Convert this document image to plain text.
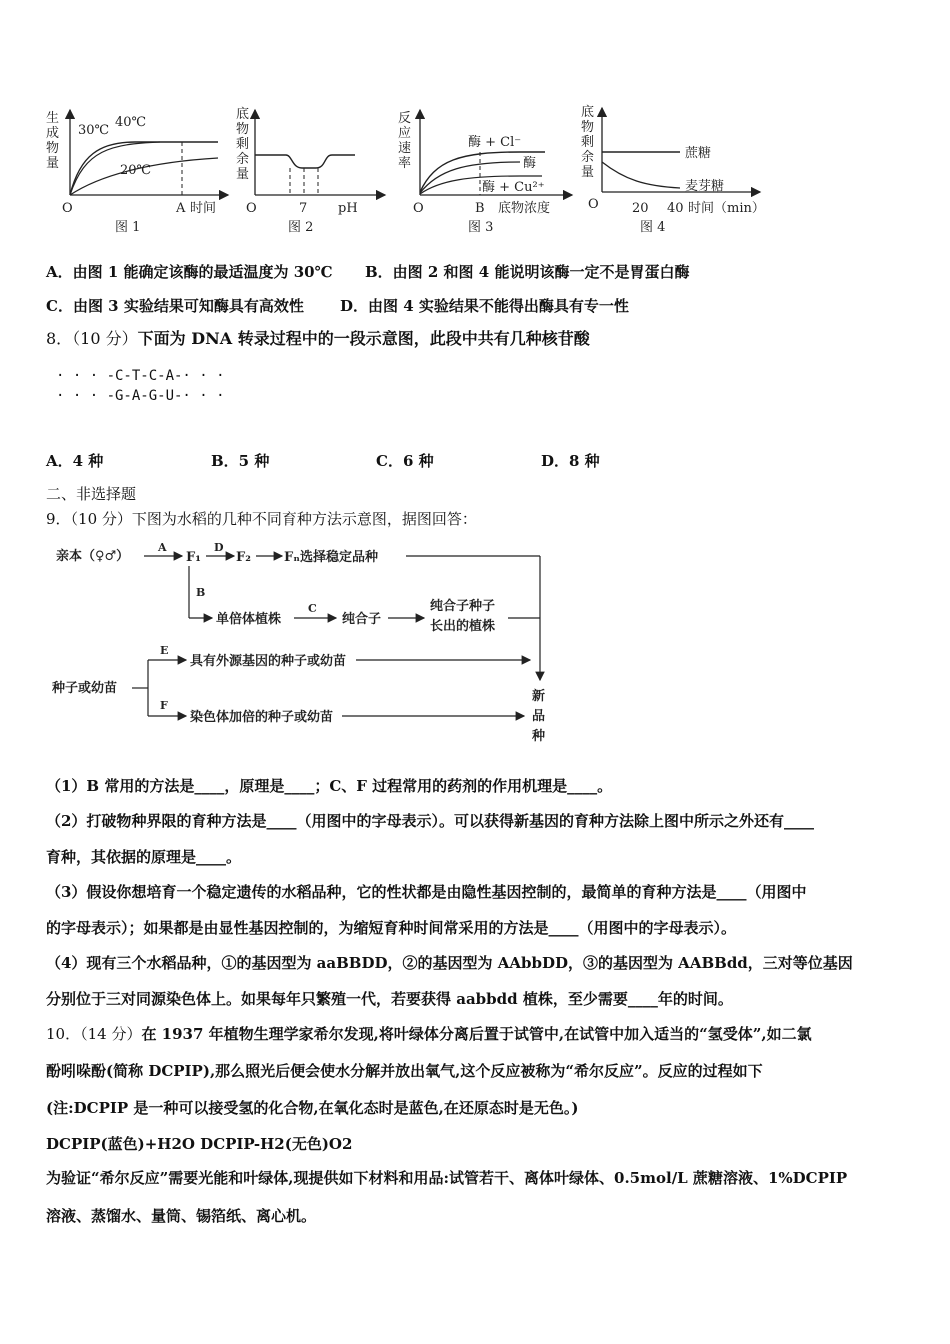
生
成
物
量
40℃
30℃
20℃
O	A 时间
图 1
底
物
剩
余
量
O	7 pH
图 2
反
应
速
率
酶 + Cl⁻
酶
酶 + Cu²⁺
O	B 底物浓度
图 3
底
物
剩
余
量
蔗糖
麦芽糖
O	20 40 时间（min）
图 4
A．由图 1 能确定该酶的最适温度为 30℃ B．由图 2 和图 4 能说明该酶一定不是胃蛋白酶
C．由图 3 实验结果可知酶具有高效性 D．由图 4 实验结果不能得出酶具有专一性
8．（10 分）下面为 DNA 转录过程中的一段示意图，此段中共有几种核苷酸
· · · -C-T-C-A-· · ·
· · · -G-A-G-U-· · ·
A．4 种	B．5 种	C．6 种	D．8 种
二、非选择题
9．（10 分）下图为水稻的几种不同育种方法示意图，据图回答：
亲本（♀♂）
A
F₁
D
F₂	Fₙ选择稳定品种
B
单倍体植株
C
纯合子
纯合子种子
长出的植株
种子或幼苗
E
具有外源基因的种子或幼苗
F
染色体加倍的种子或幼苗
新
品
种
（1）B 常用的方法是____，原理是____；C、F 过程常用的药剂的作用机理是____。
（2）打破物种界限的育种方法是____（用图中的字母表示）。可以获得新基因的育种方法除上图中所示之外还有____
育种，其依据的原理是____。
（3）假设你想培育一个稳定遗传的水稻品种，它的性状都是由隐性基因控制的，最简单的育种方法是____（用图中
的字母表示）；如果都是由显性基因控制的，为缩短育种时间常采用的方法是____（用图中的字母表示）。
（4）现有三个水稻品种，①的基因型为 aaBBDD，②的基因型为 AAbbDD，③的基因型为 AABBdd，三对等位基因
分别位于三对同源染色体上。如果每年只繁殖一代，若要获得 aabbdd 植株，至少需要____年的时间。
10．（14 分）在 1937 年植物生理学家希尔发现,将叶绿体分离后置于试管中,在试管中加入适当的“氢受体”,如二氯
酚吲哚酚(简称 DCPIP),那么照光后便会使水分解并放出氧气,这个反应被称为“希尔反应”。反应的过程如下
(注:DCPIP 是一种可以接受氢的化合物,在氧化态时是蓝色,在还原态时是无色。)
DCPIP(蓝色)+H2O DCPIP-H2(无色)O2
为验证“希尔反应”需要光能和叶绿体,现提供如下材料和用品:试管若干、离体叶绿体、0.5mol/L 蔗糖溶液、1%DCPIP
溶液、蒸馏水、量筒、锡箔纸、离心机。
